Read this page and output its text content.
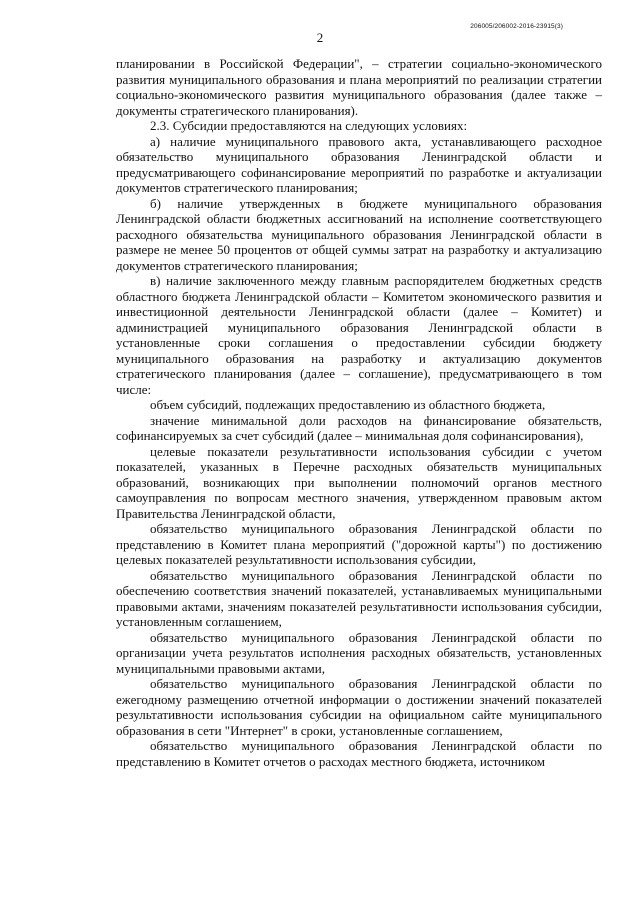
2
206005/206002-2016-23915(3)

планировании в Российской Федерации", – стратегии социально-экономического развития муниципального образования и плана мероприятий по реализации стратегии социально-экономического развития муниципального образования (далее также – документы стратегического планирования).

2.3. Субсидии предоставляются на следующих условиях:

а) наличие муниципального правового акта, устанавливающего расходное обязательство муниципального образования Ленинградской области и предусматривающего софинансирование мероприятий по разработке и актуализации документов стратегического планирования;

б) наличие утвержденных в бюджете муниципального образования Ленинградской области бюджетных ассигнований на исполнение соответствующего расходного обязательства муниципального образования Ленинградской области в размере не менее 50 процентов от общей суммы затрат на разработку и актуализацию документов стратегического планирования;

в) наличие заключенного между главным распорядителем бюджетных средств областного бюджета Ленинградской области – Комитетом экономического развития и инвестиционной деятельности Ленинградской области (далее – Комитет) и администрацией муниципального образования Ленинградской области в установленные сроки соглашения о предоставлении субсидии бюджету муниципального образования на разработку и актуализацию документов стратегического планирования (далее – соглашение), предусматривающего в том числе:

объем субсидий, подлежащих предоставлению из областного бюджета,

значение минимальной доли расходов на финансирование обязательств, софинансируемых за счет субсидий (далее – минимальная доля софинансирования),

целевые показатели результативности использования субсидии с учетом показателей, указанных в Перечне расходных обязательств муниципальных образований, возникающих при выполнении полномочий органов местного самоуправления по вопросам местного значения, утвержденном правовым актом Правительства Ленинградской области,

обязательство муниципального образования Ленинградской области по представлению в Комитет плана мероприятий ("дорожной карты") по достижению целевых показателей результативности использования субсидии,

обязательство муниципального образования Ленинградской области по обеспечению соответствия значений показателей, устанавливаемых муниципальными правовыми актами, значениям показателей результативности использования субсидии, установленным соглашением,

обязательство муниципального образования Ленинградской области по организации учета результатов исполнения расходных обязательств, установленных муниципальными правовыми актами,

обязательство муниципального образования Ленинградской области по ежегодному размещению отчетной информации о достижении значений показателей результативности использования субсидии на официальном сайте муниципального образования в сети "Интернет" в сроки, установленные соглашением,

обязательство муниципального образования Ленинградской области по представлению в Комитет отчетов о расходах местного бюджета, источником
